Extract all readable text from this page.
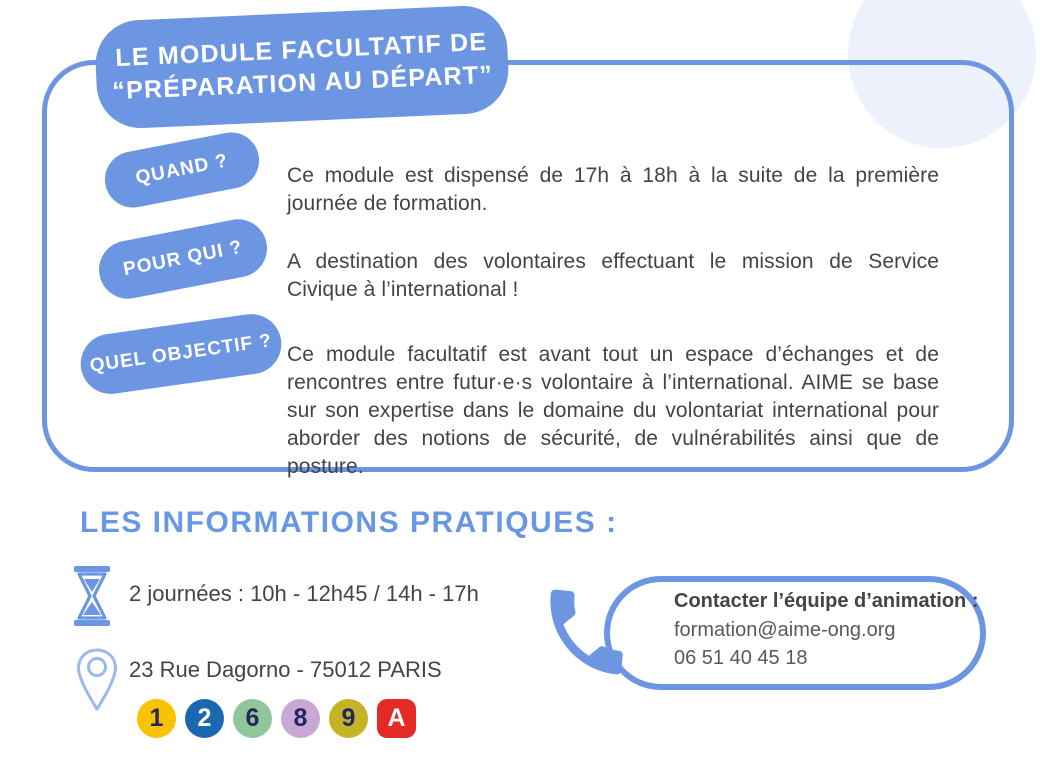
LE MODULE FACULTATIF DE
“PRÉPARATION AU DÉPART”
QUAND ?	Ce module est dispensé de 17h à 18h à la suite de la première journée de formation.

POUR QUI ? A destination des volontaires effectuant le mission de Service Civique à l’international !

QUEL OBJECTIF ? Ce module facultatif est avant tout un espace d’échanges et de rencontres entre futur·e·s volontaire à l’international. AIME se base sur son expertise dans le domaine du volontariat international pour aborder des notions de sécurité, de vulnérabilités ainsi que de posture.

LES INFORMATIONS PRATIQUES :
2 journées : 10h - 12h45 / 14h - 17h
23 Rue Dagorno - 75012 PARIS
1	2	6	8	9	A

Contacter l’équipe d’animation :

formation@aime-ong.org

06 51 40 45 18
